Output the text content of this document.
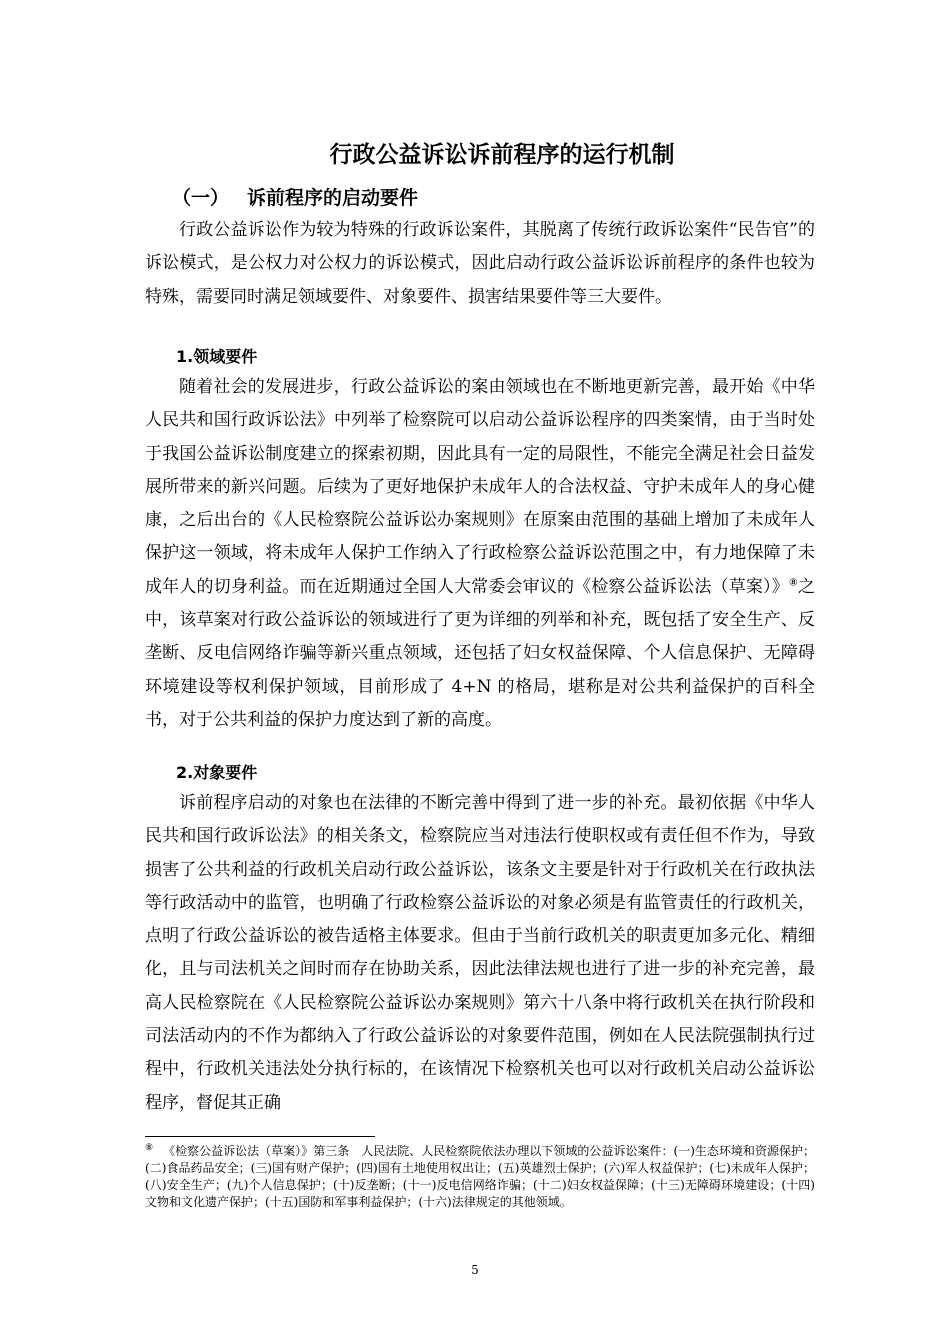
行政公益诉讼诉前程序的运行机制
（一） 诉前程序的启动要件

行政公益诉讼作为较为特殊的行政诉讼案件，其脱离了传统行政诉讼案件“民告官”的诉讼模式，是公权力对公权力的诉讼模式，因此启动行政公益诉讼诉前程序的条件也较为特殊，需要同时满足领域要件、对象要件、损害结果要件等三大要件。

1.领域要件

随着社会的发展进步，行政公益诉讼的案由领域也在不断地更新完善，最开始《中华人民共和国行政诉讼法》中列举了检察院可以启动公益诉讼程序的四类案情，由于当时处于我国公益诉讼制度建立的探索初期，因此具有一定的局限性，不能完全满足社会日益发展所带来的新兴问题。后续为了更好地保护未成年人的合法权益、守护未成年人的身心健康，之后出台的《人民检察院公益诉讼办案规则》在原案由范围的基础上增加了未成年人保护这一领域，将未成年人保护工作纳入了行政检察公益诉讼范围之中，有力地保障了未成年人的切身利益。而在近期通过全国人大常委会审议的《检察公益诉讼法（草案）》⑧之中，该草案对行政公益诉讼的领域进行了更为详细的列举和补充，既包括了安全生产、反垄断、反电信网络诈骗等新兴重点领域，还包括了妇女权益保障、个人信息保护、无障碍环境建设等权利保护领域，目前形成了 4+N 的格局，堪称是对公共利益保护的百科全书，对于公共利益的保护力度达到了新的高度。

2.对象要件

诉前程序启动的对象也在法律的不断完善中得到了进一步的补充。最初依据《中华人民共和国行政诉讼法》的相关条文，检察院应当对违法行使职权或有责任但不作为，导致损害了公共利益的行政机关启动行政公益诉讼，该条文主要是针对于行政机关在行政执法等行政活动中的监管，也明确了行政检察公益诉讼的对象必须是有监管责任的行政机关，点明了行政公益诉讼的被告适格主体要求。但由于当前行政机关的职责更加多元化、精细化，且与司法机关之间时而存在协助关系，因此法律法规也进行了进一步的补充完善，最高人民检察院在《人民检察院公益诉讼办案规则》第六十八条中将行政机关在执行阶段和司法活动内的不作为都纳入了行政公益诉讼的对象要件范围，例如在人民法院强制执行过程中，行政机关违法处分执行标的，在该情况下检察机关也可以对行政机关启动公益诉讼程序，督促其正确

⑧ 《检察公益诉讼法（草案）》第三条　人民法院、人民检察院依法办理以下领域的公益诉讼案件：(一)生态环境和资源保护；(二)食品药品安全；(三)国有财产保护；(四)国有土地使用权出让；(五)英雄烈士保护；(六)军人权益保护；(七)未成年人保护；(八)安全生产；(九)个人信息保护；(十)反垄断；(十一)反电信网络诈骗；(十二)妇女权益保障；(十三)无障碍环境建设；(十四)文物和文化遗产保护；(十五)国防和军事利益保护；(十六)法律规定的其他领域。

5
